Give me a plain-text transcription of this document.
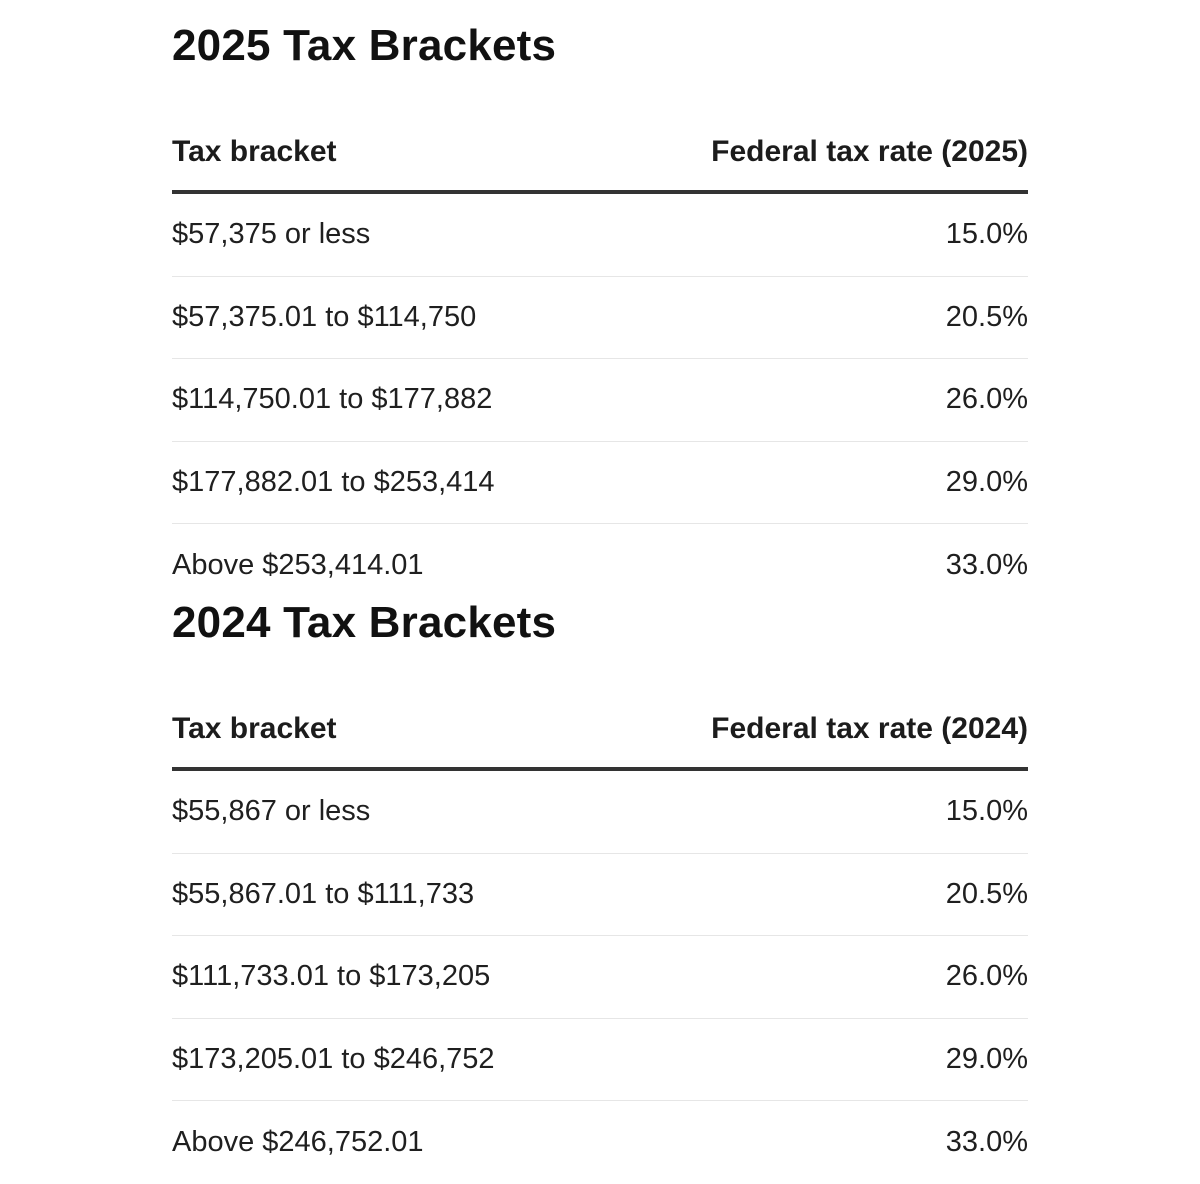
2025 Tax Brackets
Tax bracket	Federal tax rate (2025)
$57,375 or less	15.0%
$57,375.01 to $114,750	20.5%
$114,750.01 to $177,882	26.0%
$177,882.01 to $253,414	29.0%
Above $253,414.01	33.0%
2024 Tax Brackets
Tax bracket	Federal tax rate (2024)
$55,867 or less	15.0%
$55,867.01 to $111,733	20.5%
$111,733.01 to $173,205	26.0%
$173,205.01 to $246,752	29.0%
Above $246,752.01	33.0%
